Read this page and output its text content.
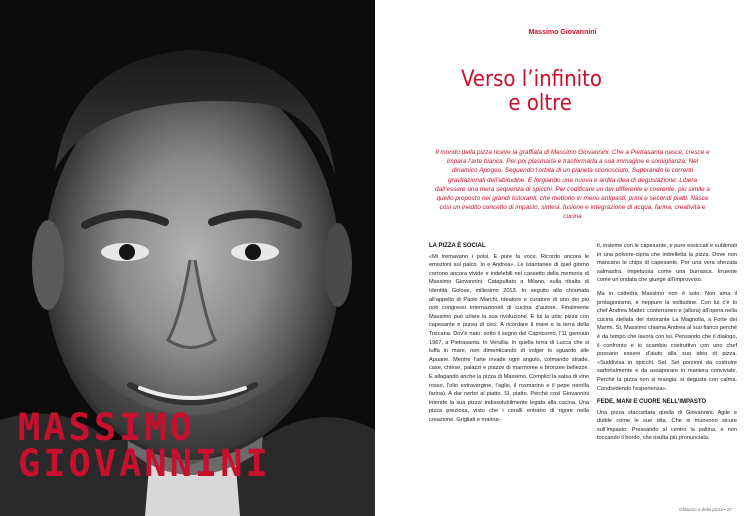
MASSIMO
GIOVANNINI
Massimo Giovannini
Verso l’infinito
e oltre
Il mondo della pizza riceve la graffiata di Massimo Giovannini. Che a Pietrasanta nasce, cresce e impara l’arte bianca. Per poi plasmarla e trasformarla a sua immagine e somiglianza. Nel dinamico Apogeo. Seguendo l’orbita di un pianeta sconosciuto. Superando le correnti gravitazionali dell’abitudine. E forgiando una nuova e ardita idea di degustazione: Libera dall’essere una mera sequenza di spicchi. Per codificare un iter differente e coerente, più simile a quello proposto nei grandi ristoranti, che mettono in menu antipasti, primi e secondi piatti. Nasce così un inedito concetto di impasto, sintesi, fusione e integrazione di acqua, farina, creatività e cucina
LA PIZZA È SOCIAL

«Mi tremavano i polsi. E pure la voce. Ricordo ancora le emozioni sul palco. Io e Andrea». Le istantanee di quel giorno corrono ancora vivide e indelebili nel cassetto della memoria di Massimo Giovannini. Catapultato a Milano, sulla ribalta di Identità Golose, millesimo 2013. In seguito alla chiamata all’appello di Paolo Marchi, ideatore e curatore di uno dei più noti congressi internazionali di cucina d’autore. Finalmente Massimo può urlare la sua rivoluzione. E lui la urla: pizza con capesante e purea di ceci. A ricordare il mare e la terra della Toscana. Dov’è nato: sotto il segno del Capricorno, l’11 gennaio 1967, a Pietrasanta. In Versilia. In quella terra di Lucca che si tuffa in mare, non dimenticando di volger lo sguardo alle Apuane. Mentre l’arte invade ogni angolo, colmando strade, case, chiese, palazzi e piazze di marmoree e bronzee bellezze. E allagando anche la pizza di Massimo. Complici la salsa di vino rosso, l’olio extravergine, l’aglio, il rosmarino e il pepe nerolla farina). A dar nerbo al piatto. Sì, piatto. Perché così Giovannini intende la sua pizza: indissolubilmente legata alla cucina. Una pizza preziosa, visto che i coralli entrano di rigore nella creazione. Grigliati e marina-

ti, insieme con le capesante, e pure essiccati e sublimati in una polvere-cipria che imbelletta la pizza. Dove non mancano le chips di capesante. Per una vera sferzata salmastra. Impetuosa come una burrasca. Irruente come un’ondata che giunge all’improvviso.

Ma in cattedra Massimo non è solo. Non ama il protagonismo, e neppure la solitudine. Con lui c’è lo chef Andrea Mattei: conterraneo e (allora) all’opera nella cucina stellata del ristorante La Magnolia, a Forte dei Marmi. Sì, Massimo chiama Andrea al suo fianco perché è da tempo che lavora con lui. Pensando che il dialogo, il confronto e lo scambio costruttivo con uno chef possano essere d’aiuto alla sua idea di pizza. «Suddivisa in spicchi. Sei. Sei porzioni da costruire sartorialmente e da assaporare in maniera conviviale. Perché la pizza non si mangia: si degusta con calma. Condividendo l’esperienza».

FEDE, MANI E CUORE NELL’IMPASTO

Una pizza sfaccettata quella di Giovannini. Agile e duttile come le sue dita. Che si muovono sicure sull’impasto. Pressando al centro la pallina, e non toccando il bordo, che risulta più pronunciata.

Ghiaccio e della pizza • 27
